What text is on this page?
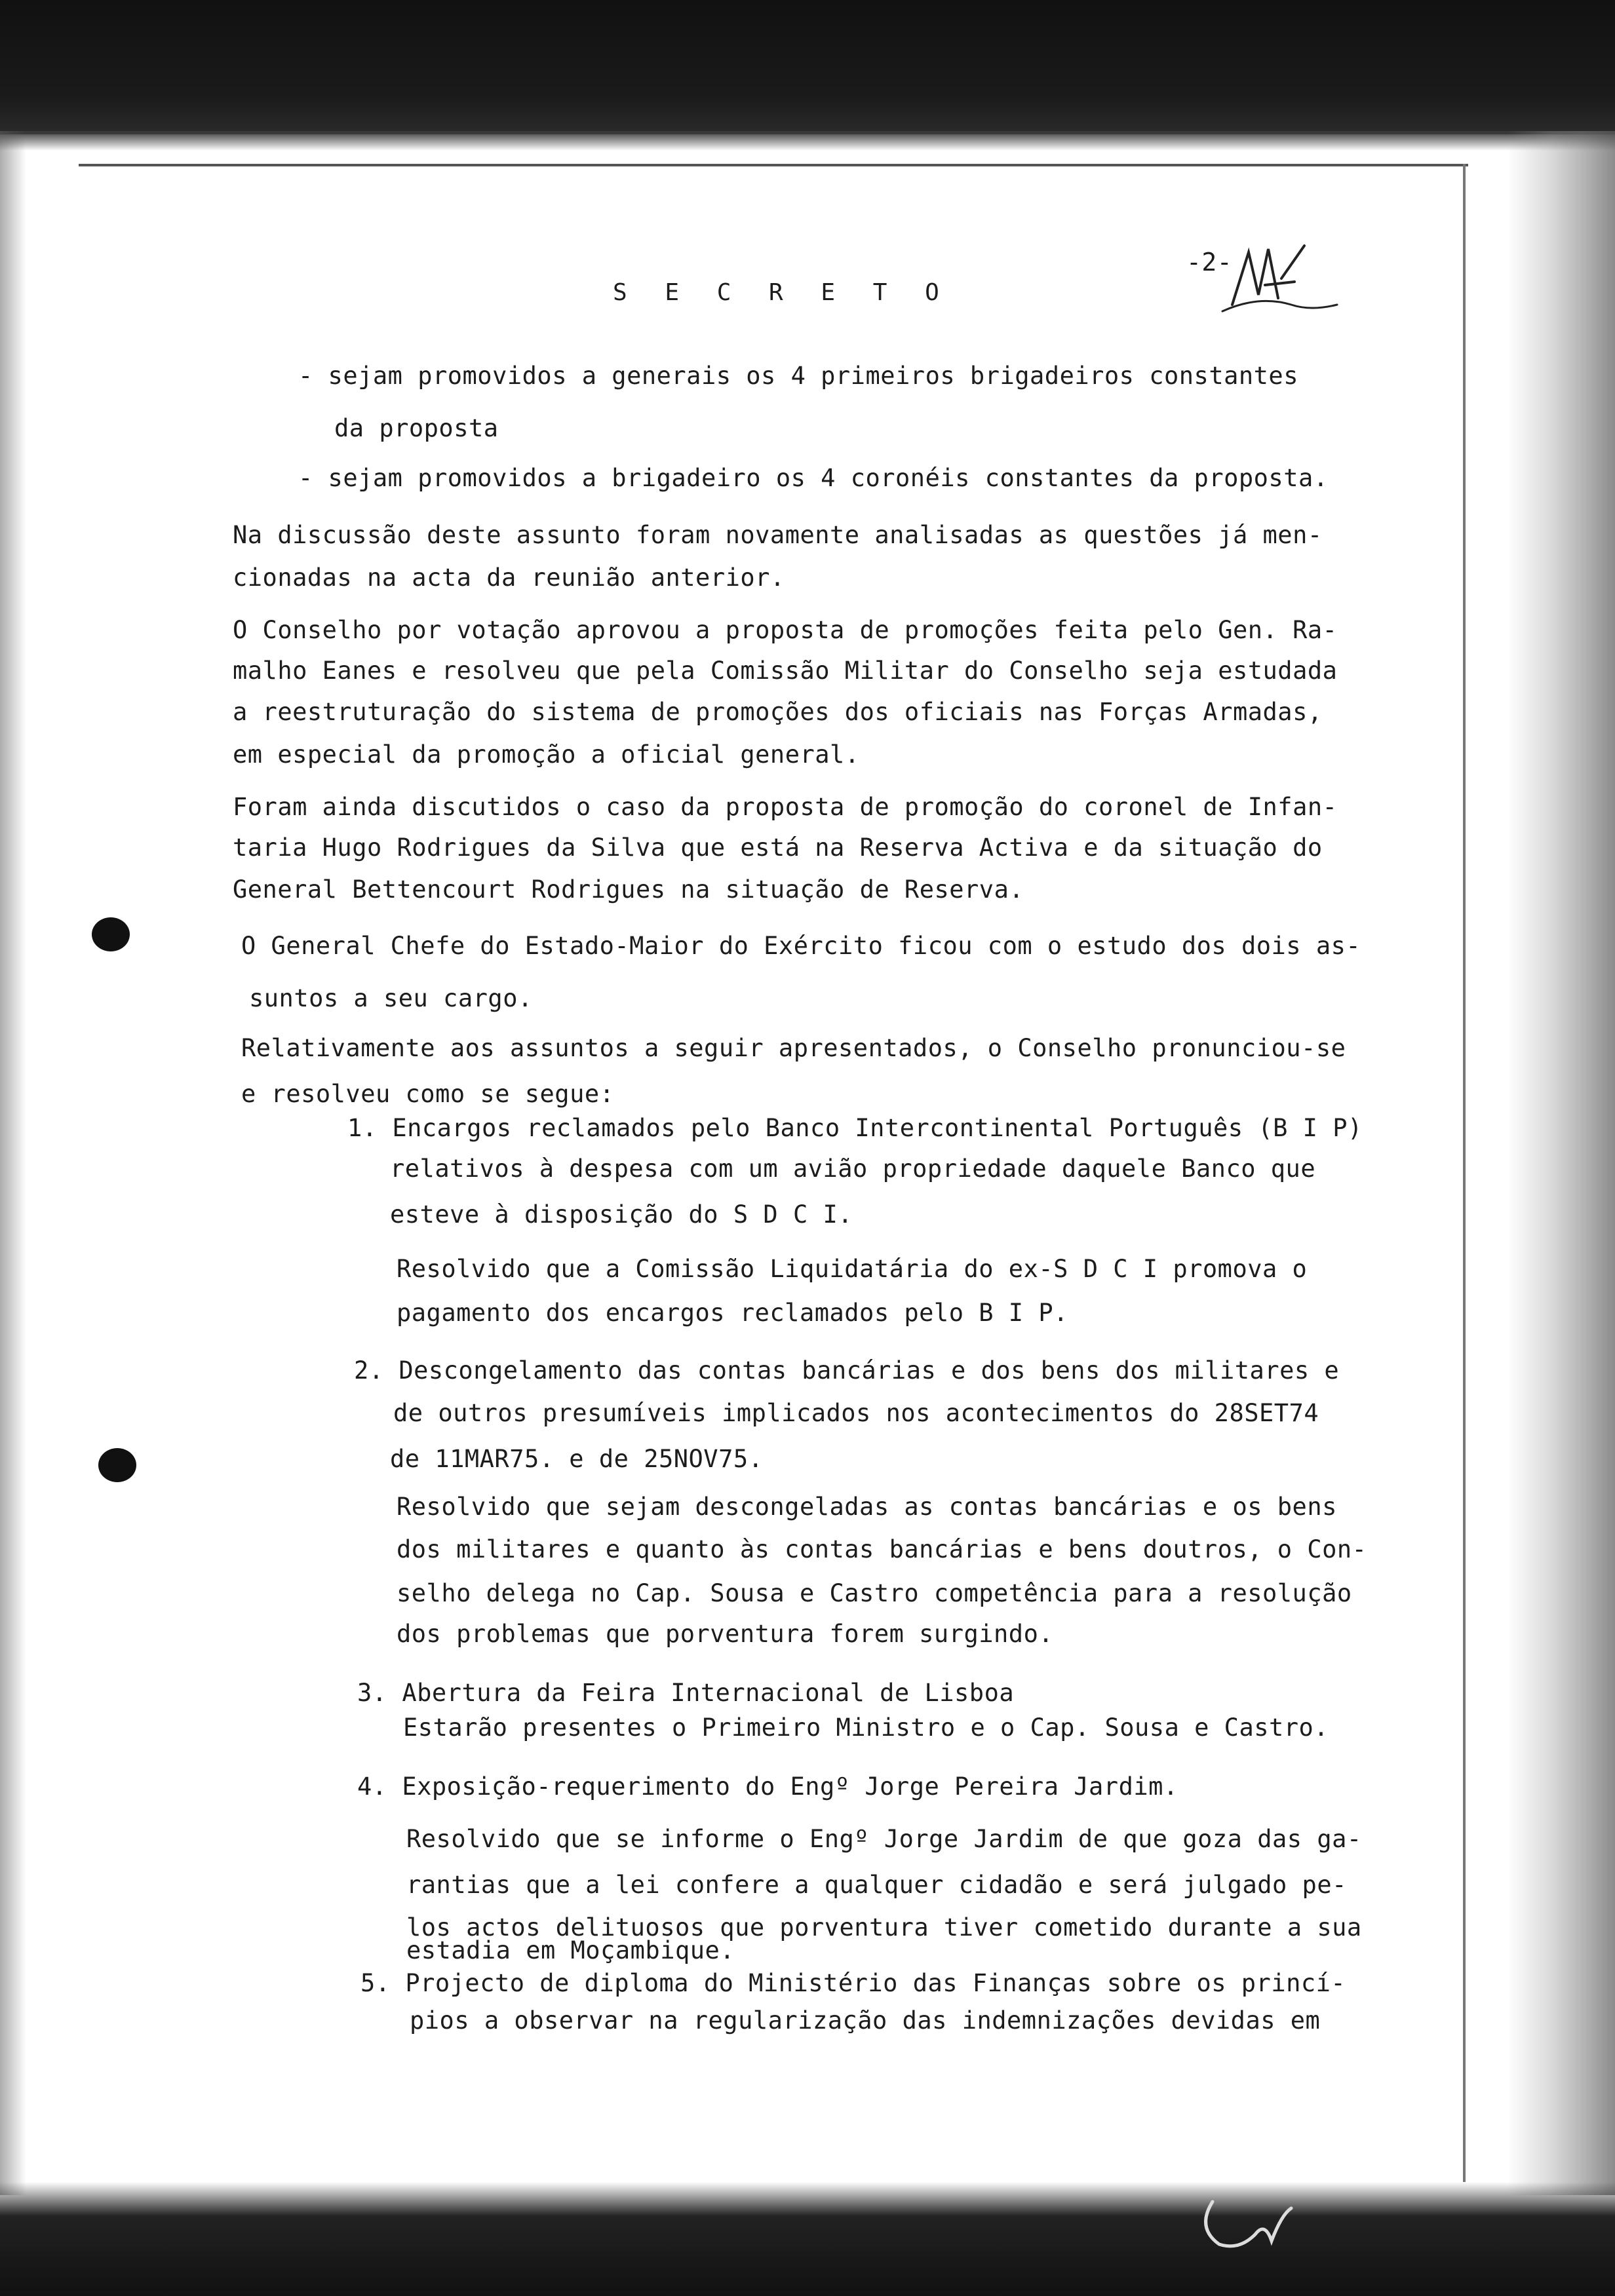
S E C R E T O
-2-
- sejam promovidos a generais os 4 primeiros brigadeiros constantes
da proposta
- sejam promovidos a brigadeiro os 4 coronéis constantes da proposta.
Na discussão deste assunto foram novamente analisadas as questões já men-
cionadas na acta da reunião anterior.
O Conselho por votação aprovou a proposta de promoções feita pelo Gen. Ra-
malho Eanes e resolveu que pela Comissão Militar do Conselho seja estudada
a reestruturação do sistema de promoções dos oficiais nas Forças Armadas,
em especial da promoção a oficial general.
Foram ainda discutidos o caso da proposta de promoção do coronel de Infan-
taria Hugo Rodrigues da Silva que está na Reserva Activa e da situação do
General Bettencourt Rodrigues na situação de Reserva.
O General Chefe do Estado-Maior do Exército ficou com o estudo dos dois as-
suntos a seu cargo.
Relativamente aos assuntos a seguir apresentados, o Conselho pronunciou-se
e resolveu como se segue:
1. Encargos reclamados pelo Banco Intercontinental Português (B I P)
relativos à despesa com um avião propriedade daquele Banco que
esteve à disposição do S D C I.
Resolvido que a Comissão Liquidatária do ex-S D C I promova o
pagamento dos encargos reclamados pelo B I P.
2. Descongelamento das contas bancárias e dos bens dos militares e
de outros presumíveis implicados nos acontecimentos do 28SET74
de 11MAR75. e de 25NOV75.
Resolvido que sejam descongeladas as contas bancárias e os bens
dos militares e quanto às contas bancárias e bens doutros, o Con-
selho delega no Cap. Sousa e Castro competência para a resolução
dos problemas que porventura forem surgindo.
3. Abertura da Feira Internacional de Lisboa
Estarão presentes o Primeiro Ministro e o Cap. Sousa e Castro.
4. Exposição-requerimento do Engº Jorge Pereira Jardim.
Resolvido que se informe o Engº Jorge Jardim de que goza das ga-
rantias que a lei confere a qualquer cidadão e será julgado pe-
los actos delituosos que porventura tiver cometido durante a sua
estadia em Moçambique.
5. Projecto de diploma do Ministério das Finanças sobre os princí-
pios a observar na regularização das indemnizações devidas em
